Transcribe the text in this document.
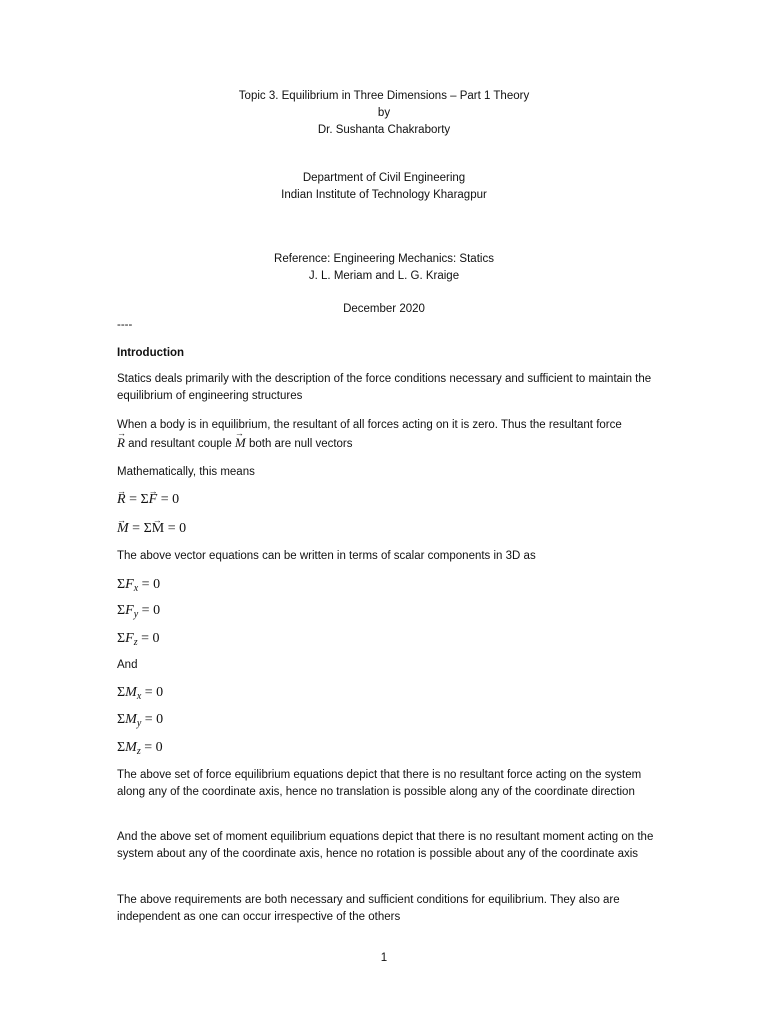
Topic 3. Equilibrium in Three Dimensions – Part 1 Theory
by
Dr. Sushanta Chakraborty
Department of Civil Engineering
Indian Institute of Technology Kharagpur
Reference: Engineering Mechanics: Statics
J. L. Meriam and L. G. Kraige
December 2020
----
Introduction
Statics deals primarily with the description of the force conditions necessary and sufficient to maintain the equilibrium of engineering structures
When a body is in equilibrium, the resultant of all forces acting on it is zero. Thus the resultant force
R → and resultant couple M → both are null vectors
Mathematically, this means
R → = ΣF → = 0
M → = ΣM → = 0
The above vector equations can be written in terms of scalar components in 3D as
$\Sigma F_x = 0$
$\Sigma F_y = 0$
$\Sigma F_z = 0$
And
$\Sigma M_x = 0$
$\Sigma M_y = 0$
$\Sigma M_z = 0$
The above set of force equilibrium equations depict that there is no resultant force acting on the system along any of the coordinate axis, hence no translation is possible along any of the coordinate direction
And the above set of moment equilibrium equations depict that there is no resultant moment acting on the system about any of the coordinate axis, hence no rotation is possible about any of the coordinate axis
The above requirements are both necessary and sufficient conditions for equilibrium. They also are independent as one can occur irrespective of the others
1
